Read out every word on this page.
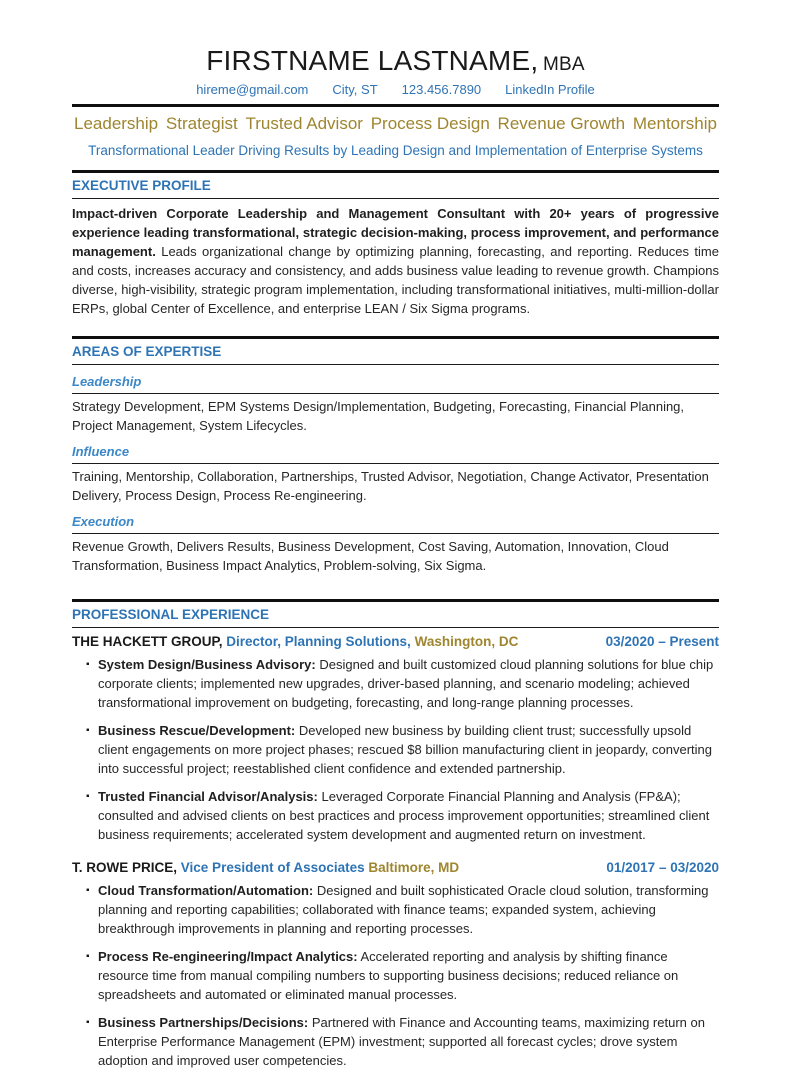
FIRSTNAME LASTNAME, MBA
hireme@gmail.com City, ST 123.456.7890 LinkedIn Profile
Leadership Strategist Trusted Advisor Process Design Revenue Growth Mentorship
Transformational Leader Driving Results by Leading Design and Implementation of Enterprise Systems
EXECUTIVE PROFILE

Impact-driven Corporate Leadership and Management Consultant with 20+ years of progressive experience leading transformational, strategic decision-making, process improvement, and performance management. Leads organizational change by optimizing planning, forecasting, and reporting. Reduces time and costs, increases accuracy and consistency, and adds business value leading to revenue growth. Champions diverse, high-visibility, strategic program implementation, including transformational initiatives, multi-million-dollar ERPs, global Center of Excellence, and enterprise LEAN / Six Sigma programs.

AREAS OF EXPERTISE
Leadership

Strategy Development, EPM Systems Design/Implementation, Budgeting, Forecasting, Financial Planning, Project Management, System Lifecycles.

Influence

Training, Mentorship, Collaboration, Partnerships, Trusted Advisor, Negotiation, Change Activator, Presentation Delivery, Process Design, Process Re-engineering.

Execution

Revenue Growth, Delivers Results, Business Development, Cost Saving, Automation, Innovation, Cloud Transformation, Business Impact Analytics, Problem-solving, Six Sigma.

PROFESSIONAL EXPERIENCE
THE HACKETT GROUP, Director, Planning Solutions, Washington, DC	03/2020 – Present
▪ System Design/Business Advisory: Designed and built customized cloud planning solutions for blue chip corporate clients; implemented new upgrades, driver-based planning, and scenario modeling; achieved transformational improvement on budgeting, forecasting, and long-range planning processes.
▪ Business Rescue/Development: Developed new business by building client trust; successfully upsold client engagements on more project phases; rescued $8 billion manufacturing client in jeopardy, converting into successful project; reestablished client confidence and extended partnership.
▪ Trusted Financial Advisor/Analysis: Leveraged Corporate Financial Planning and Analysis (FP&A); consulted and advised clients on best practices and process improvement opportunities; streamlined client business requirements; accelerated system development and augmented return on investment.
T. ROWE PRICE, Vice President of Associates Baltimore, MD	01/2017 – 03/2020
▪ Cloud Transformation/Automation: Designed and built sophisticated Oracle cloud solution, transforming planning and reporting capabilities; collaborated with finance teams; expanded system, achieving breakthrough improvements in planning and reporting processes.
▪ Process Re-engineering/Impact Analytics: Accelerated reporting and analysis by shifting finance resource time from manual compiling numbers to supporting business decisions; reduced reliance on spreadsheets and automated or eliminated manual processes.
▪ Business Partnerships/Decisions: Partnered with Finance and Accounting teams, maximizing return on Enterprise Performance Management (EPM) investment; supported all forecast cycles; drove system adoption and improved user competencies.
